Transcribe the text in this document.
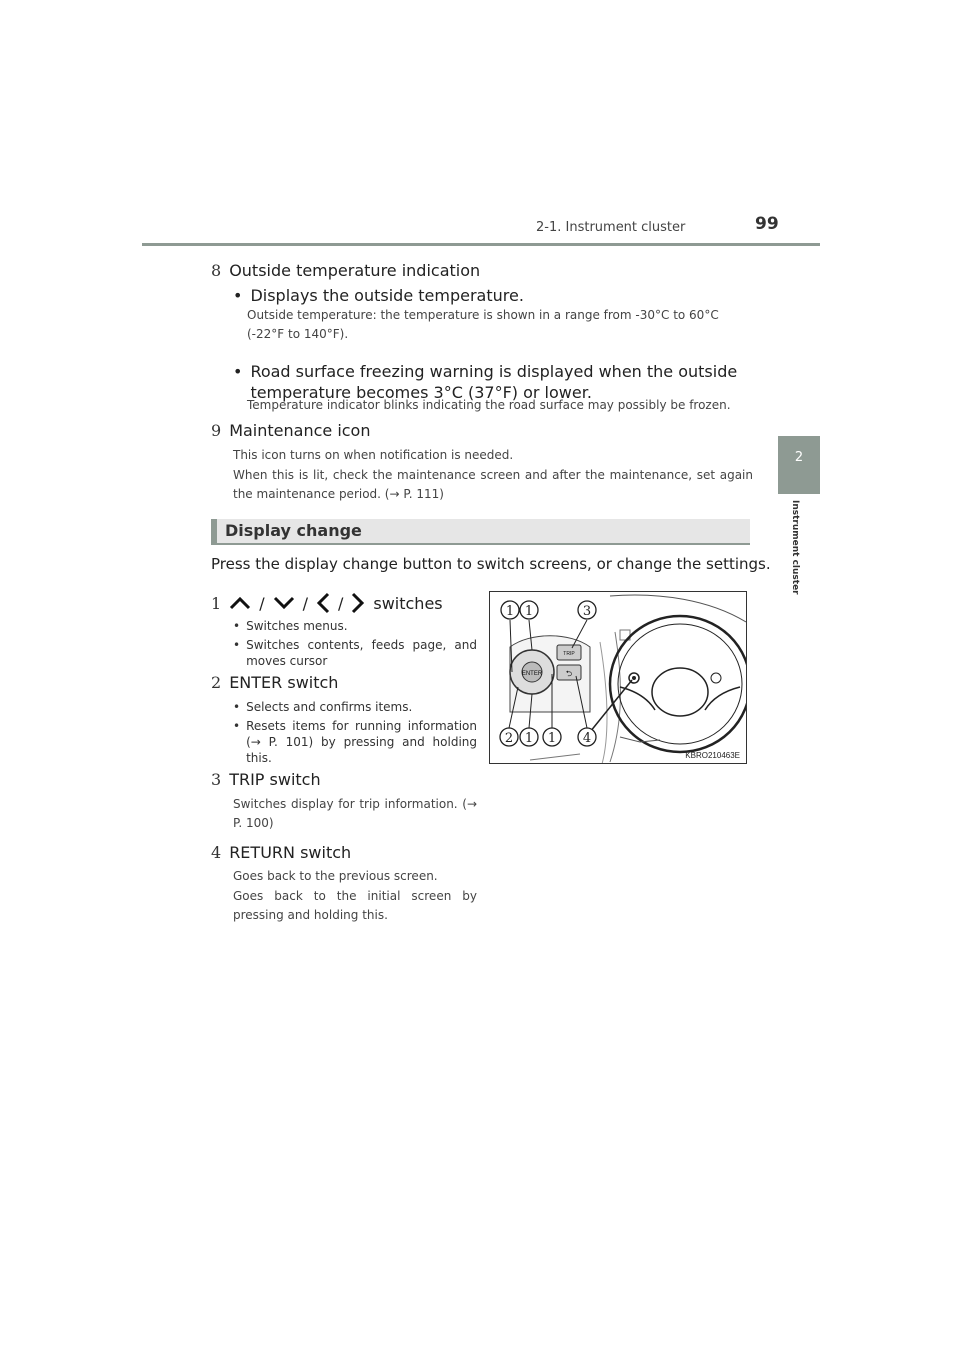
2-1. Instrument cluster	99
2
Instrument cluster
8 Outside temperature indication
• Displays the outside temperature.
Outside temperature: the temperature is shown in a range from -30°C to 60°C (-22°F to 140°F).
• Road surface freezing warning is displayed when the outside temperature becomes 3°C (37°F) or lower.
Temperature indicator blinks indicating the road surface may possibly be frozen.
9 Maintenance icon
This icon turns on when notification is needed.
When this is lit, check the maintenance screen and after the maintenance, set again the maintenance period. (→ P. 111)
Display change
Press the display change button to switch screens, or change the settings.
1 / / / switches
• Switches menus.
• Switches contents, feeds page, and moves cursor
2 ENTER switch
• Selects and confirms items.
• Resets items for running information (→ P. 101) by pressing and holding this.
3 TRIP switch
Switches display for trip information. (→ P. 100)
4 RETURN switch
Goes back to the previous screen.
Goes back to the initial screen by pressing and holding this.
ENTER
TRIP
⮌
1 1	3
2 1 1 4
KBRO210463E
